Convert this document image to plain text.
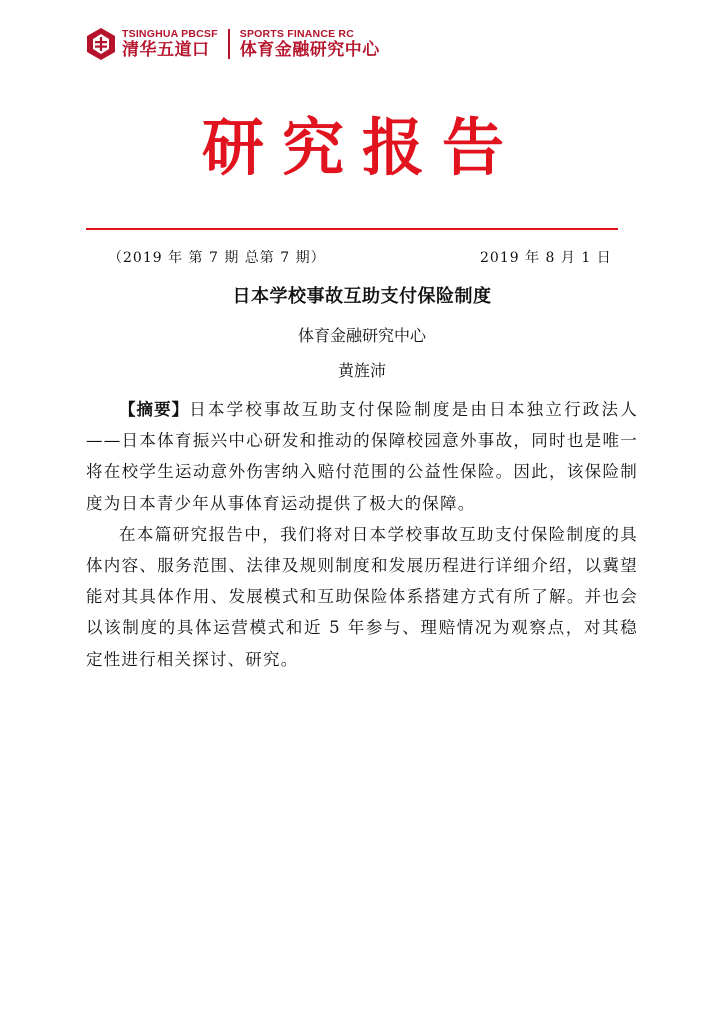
TSINGHUA PBCSF
清华五道口
SPORTS FINANCE RC
体育金融研究中心
研究报告
（2019 年 第 7 期 总第 7 期）	2019 年 8 月 1 日
日本学校事故互助支付保险制度
体育金融研究中心
黄旌沛

【摘要】日本学校事故互助支付保险制度是由日本独立行政法人——日本体育振兴中心研发和推动的保障校园意外事故，同时也是唯一将在校学生运动意外伤害纳入赔付范围的公益性保险。因此，该保险制度为日本青少年从事体育运动提供了极大的保障。

在本篇研究报告中，我们将对日本学校事故互助支付保险制度的具体内容、服务范围、法律及规则制度和发展历程进行详细介绍，以冀望能对其具体作用、发展模式和互助保险体系搭建方式有所了解。并也会以该制度的具体运营模式和近 5 年参与、理赔情况为观察点，对其稳定性进行相关探讨、研究。
